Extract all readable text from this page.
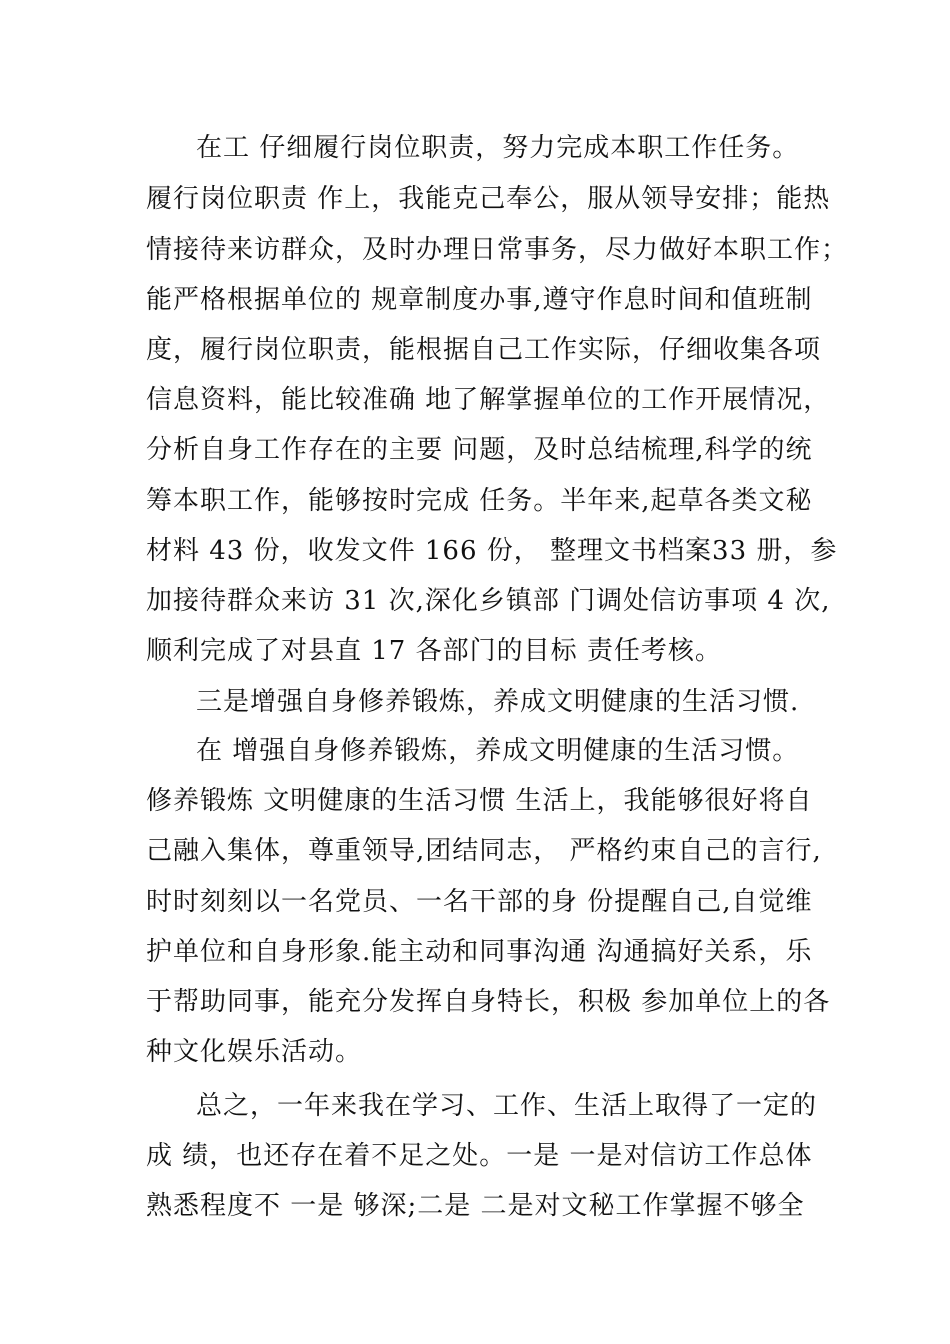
在工 仔细履行岗位职责，努力完成本职工作任务。
履行岗位职责 作上，我能克己奉公，服从领导安排；能热
情接待来访群众，及时办理日常事务，尽力做好本职工作；
能严格根据单位的 规章制度办事,遵守作息时间和值班制
度，履行岗位职责，能根据自己工作实际，仔细收集各项
信息资料，能比较准确 地了解掌握单位的工作开展情况，
分析自身工作存在的主要 问题，及时总结梳理,科学的统
筹本职工作，能够按时完成 任务。半年来,起草各类文秘
材料 43 份，收发文件 166 份， 整理文书档案33 册，参
加接待群众来访 31 次,深化乡镇部 门调处信访事项 4 次,
顺利完成了对县直 17 各部门的目标 责任考核。
三是增强自身修养锻炼，养成文明健康的生活习惯.
在 增强自身修养锻炼，养成文明健康的生活习惯。
修养锻炼 文明健康的生活习惯 生活上，我能够很好将自
己融入集体，尊重领导,团结同志， 严格约束自己的言行,
时时刻刻以一名党员、一名干部的身 份提醒自己,自觉维
护单位和自身形象.能主动和同事沟通 沟通搞好关系，乐
于帮助同事，能充分发挥自身特长，积极 参加单位上的各
种文化娱乐活动。
总之，一年来我在学习、工作、生活上取得了一定的
成 绩，也还存在着不足之处。一是 一是对信访工作总体
熟悉程度不 一是 够深;二是 二是对文秘工作掌握不够全
